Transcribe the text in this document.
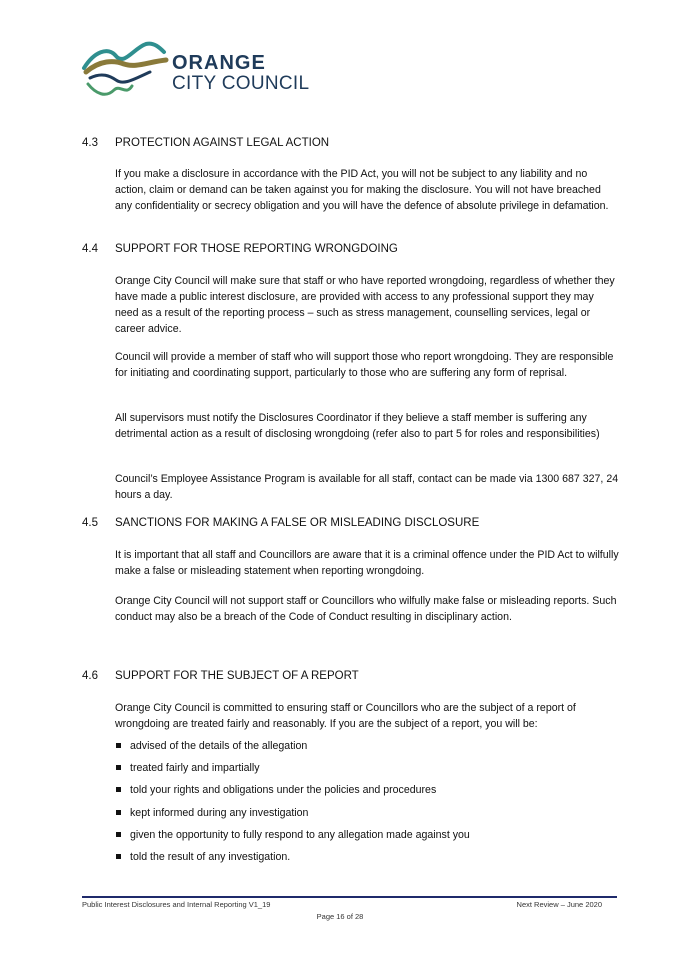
ORANGE
CITY COUNCIL
4.3	PROTECTION AGAINST LEGAL ACTION

If you make a disclosure in accordance with the PID Act, you will not be subject to any liability and no action, claim or demand can be taken against you for making the disclosure. You will not have breached any confidentiality or secrecy obligation and you will have the defence of absolute privilege in defamation.

4.4	SUPPORT FOR THOSE REPORTING WRONGDOING

Orange City Council will make sure that staff or who have reported wrongdoing, regardless of whether they have made a public interest disclosure, are provided with access to any professional support they may need as a result of the reporting process – such as stress management, counselling services, legal or career advice.

Council will provide a member of staff who will support those who report wrongdoing. They are responsible for initiating and coordinating support, particularly to those who are suffering any form of reprisal.

All supervisors must notify the Disclosures Coordinator if they believe a staff member is suffering any detrimental action as a result of disclosing wrongdoing (refer also to part 5 for roles and responsibilities)

Council’s Employee Assistance Program is available for all staff, contact can be made via 1300 687 327, 24 hours a day.

4.5	SANCTIONS FOR MAKING A FALSE OR MISLEADING DISCLOSURE

It is important that all staff and Councillors are aware that it is a criminal offence under the PID Act to wilfully make a false or misleading statement when reporting wrongdoing.

Orange City Council will not support staff or Councillors who wilfully make false or misleading reports. Such conduct may also be a breach of the Code of Conduct resulting in disciplinary action.

4.6	SUPPORT FOR THE SUBJECT OF A REPORT

Orange City Council is committed to ensuring staff or Councillors who are the subject of a report of wrongdoing are treated fairly and reasonably. If you are the subject of a report, you will be:

advised of the details of the allegation
treated fairly and impartially
told your rights and obligations under the policies and procedures
kept informed during any investigation
given the opportunity to fully respond to any allegation made against you
told the result of any investigation.
Public Interest Disclosures and Internal Reporting V1_19	Next Review – June 2020
Page 16 of 28
